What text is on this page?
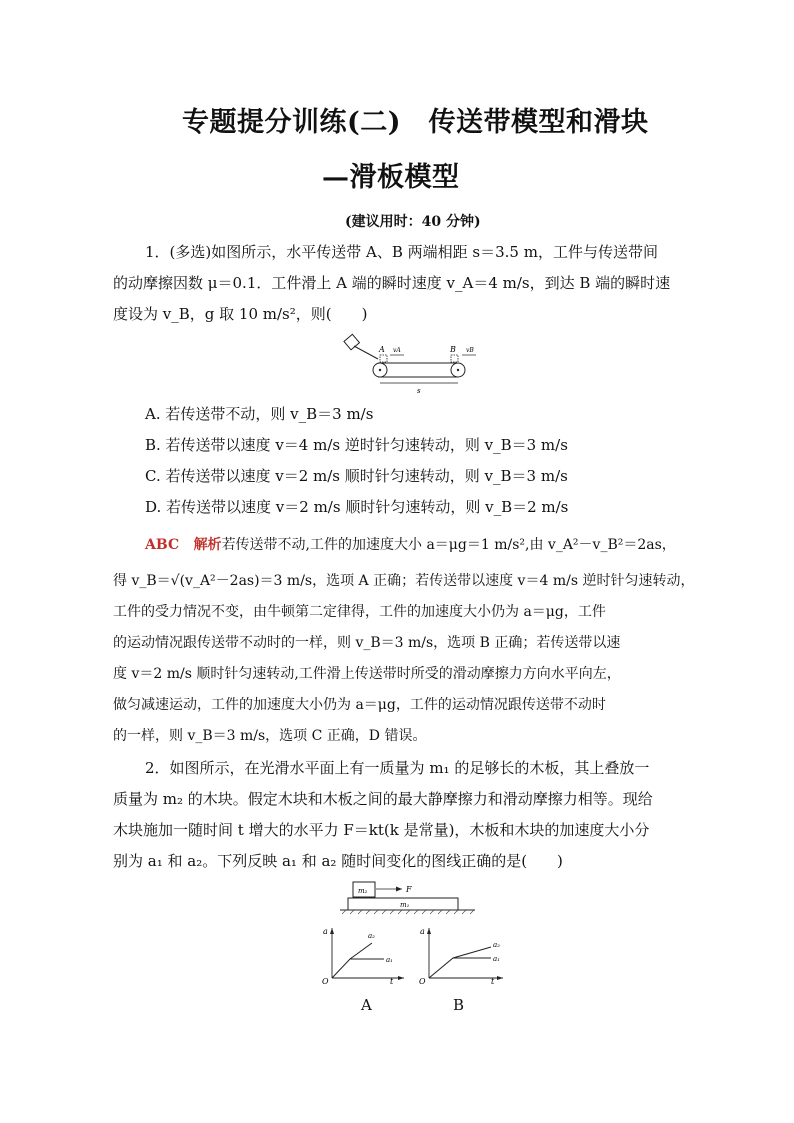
专题提分训练(二)　传送带模型和滑块
—滑板模型
(建议用时：40 分钟)
1．(多选)如图所示，水平传送带 A、B 两端相距 s＝3.5 m，工件与传送带间
的动摩擦因数 μ＝0.1．工件滑上 A 端的瞬时速度 v_A＝4 m/s，到达 B 端的瞬时速
度设为 v_B，g 取 10 m/s²，则(　　)
A	B
vA	vB
s
A. 若传送带不动，则 v_B＝3 m/s
B. 若传送带以速度 v＝4 m/s 逆时针匀速转动，则 v_B＝3 m/s
C. 若传送带以速度 v＝2 m/s 顺时针匀速转动，则 v_B＝3 m/s
D. 若传送带以速度 v＝2 m/s 顺时针匀速转动，则 v_B＝2 m/s
ABC 解析若传送带不动,工件的加速度大小 a＝μg＝1 m/s²,由 v_A²－v_B²＝2as，
得 v_B＝√(v_A²－2as)＝3 m/s，选项 A 正确；若传送带以速度 v＝4 m/s 逆时针匀速转动，
工件的受力情况不变，由牛顿第二定律得，工件的加速度大小仍为 a＝μg，工件
的运动情况跟传送带不动时的一样，则 v_B＝3 m/s，选项 B 正确；若传送带以速
度 v＝2 m/s 顺时针匀速转动,工件滑上传送带时所受的滑动摩擦力方向水平向左，
做匀减速运动，工件的加速度大小仍为 a＝μg，工件的运动情况跟传送带不动时
的一样，则 v_B＝3 m/s，选项 C 正确，D 错误。
2．如图所示，在光滑水平面上有一质量为 m₁ 的足够长的木板，其上叠放一
质量为 m₂ 的木块。假定木块和木板之间的最大静摩擦力和滑动摩擦力相等。现给
木块施加一随时间 t 增大的水平力 F＝kt(k 是常量)，木板和木块的加速度大小分
别为 a₁ 和 a₂。下列反映 a₁ 和 a₂ 随时间变化的图线正确的是(　　)
m₂
m₁
F
a
t
O
a₂
a₁
A
a
t
O
a₂
a₁
B
